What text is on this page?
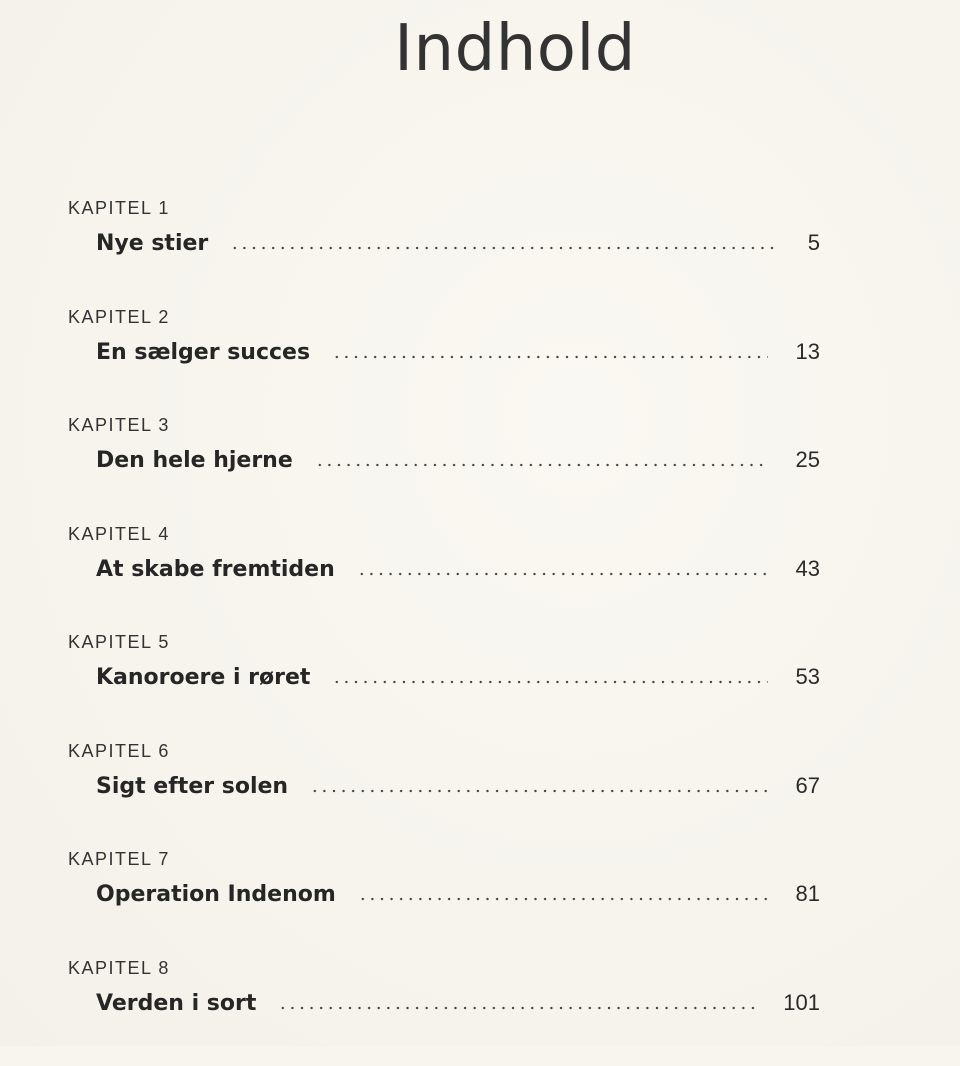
Indhold
KAPITEL 1
Nye stier	5
KAPITEL 2
En sælger succes	13
KAPITEL 3
Den hele hjerne	25
KAPITEL 4
At skabe fremtiden	43
KAPITEL 5
Kanoroere i røret	53
KAPITEL 6
Sigt efter solen	67
KAPITEL 7
Operation Indenom	81
KAPITEL 8
Verden i sort	101
